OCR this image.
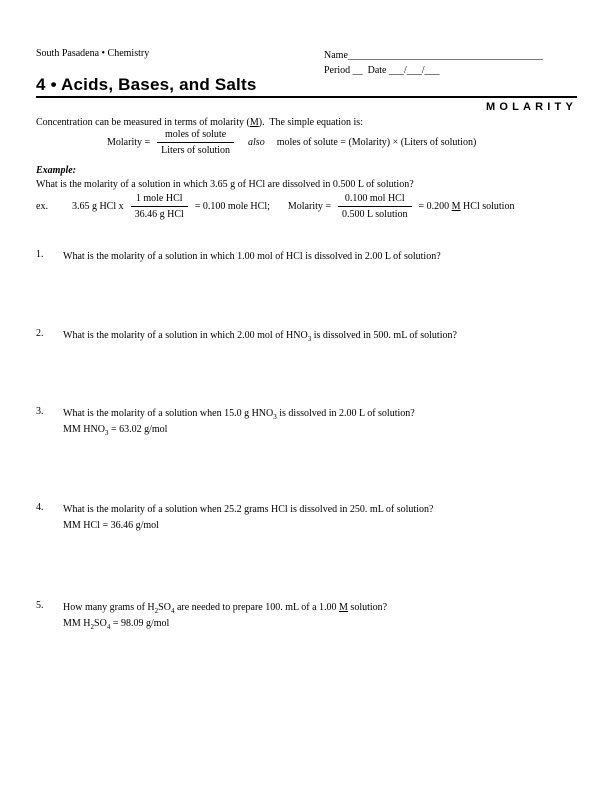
South Pasadena • Chemistry	Name_______________________________________
Period __  Date ___/___/___
4 • Acids, Bases, and Salts
MOLARITY
Concentration can be measured in terms of molarity (M).  The simple equation is:
Molarity = $\frac{\text{moles of solute}}{\text{Liters of solution}}$ also moles of solute = (Molarity) × (Liters of solution)
Example:
What is the molarity of a solution in which 3.65 g of HCl are dissolved in 0.500 L of solution?
ex. 3.65 g HCl x $\frac{\text{1 mole HCl}}{\text{36.46 g HCl}} = 0.100$ mole HCl; Molarity = $\frac{\text{0.100 mol HCl}}{\text{0.500 L solution}} = 0.200$ M HCl solution
1.	What is the molarity of a solution in which 1.00 mol of HCl is dissolved in 2.00 L of solution?
2.	What is the molarity of a solution in which 2.00 mol of $HNO_3$ is dissolved in 500. mL of solution?
3.	What is the molarity of a solution when 15.0 g $HNO_3$ is dissolved in 2.00 L of solution?
MM $HNO_3 = 63.02$ g/mol
4.	What is the molarity of a solution when 25.2 grams HCl is dissolved in 250. mL of solution?
MM HCl = 36.46 g/mol
5.	How many grams of $H_2SO_4$ are needed to prepare 100. mL of a 1.00 M solution?
MM $H_2SO_4 = 98.09$ g/mol
